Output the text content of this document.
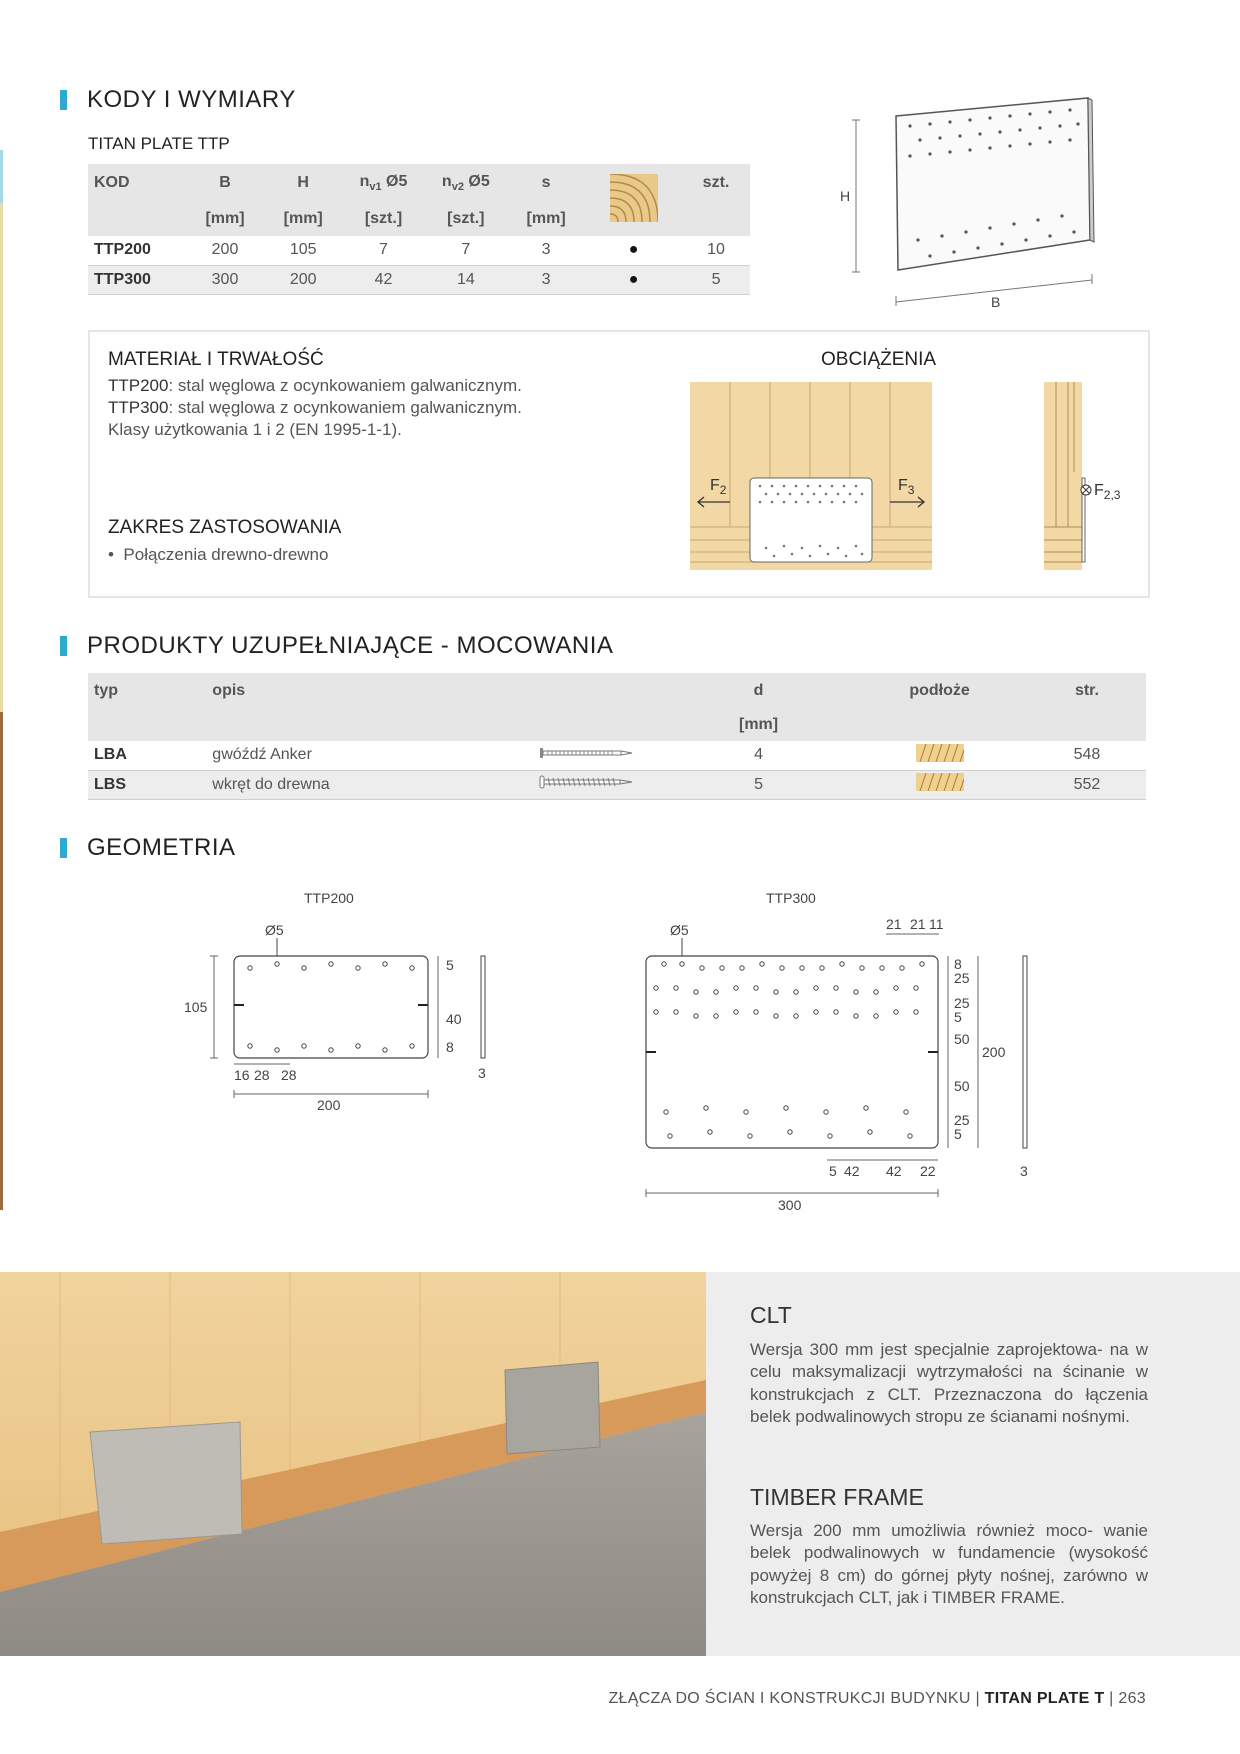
KODY I WYMIARY
TITAN PLATE TTP
KOD	B	H	$n_{v1}$ Ø5	$n_{v2}$ Ø5	s		szt.
	[mm]	[mm]	[szt.]	[szt.]	[mm]		
TTP200	200	105	7	7	3	●	10
TTP300	300	200	42	14	3	●	5
H
B
MATERIAŁ I TRWAŁOŚĆ
TTP200: stal węglowa z ocynkowaniem galwanicznym.
TTP300: stal węglowa z ocynkowaniem galwanicznym.
Klasy użytkowania 1 i 2 (EN 1995-1-1).
ZAKRES ZASTOSOWANIA
• Połączenia drewno-drewno
OBCIĄŻENIA
$F_2$	$F_3$	$F_{2,3}$
PRODUKTY UZUPEŁNIAJĄCE - MOCOWANIA
typ	opis		d	podłoże	str.
			[mm]		
LBA	gwóźdź Anker		4		548
LBS	wkręt do drewna		5		552
GEOMETRIA
TTP200
Ø5
105
5
40
8
3
16 28 28
200
TTP300
21 21 11
Ø5
8
25
25
5
50
50
25
5
200
3
5 42 42 22
300
CLT
Wersja 300 mm jest specjalnie zaprojektowa- na w celu maksymalizacji wytrzymałości na ścinanie w konstrukcjach z CLT. Przeznaczona do łączenia belek podwalinowych stropu ze ścianami nośnymi.
TIMBER FRAME
Wersja 200 mm umożliwia również moco- wanie belek podwalinowych w fundamencie (wysokość powyżej 8 cm) do górnej płyty nośnej, zarówno w konstrukcjach CLT, jak i TIMBER FRAME.
ZŁĄCZA DO ŚCIAN I KONSTRUKCJI BUDYNKU | TITAN PLATE T | 263
